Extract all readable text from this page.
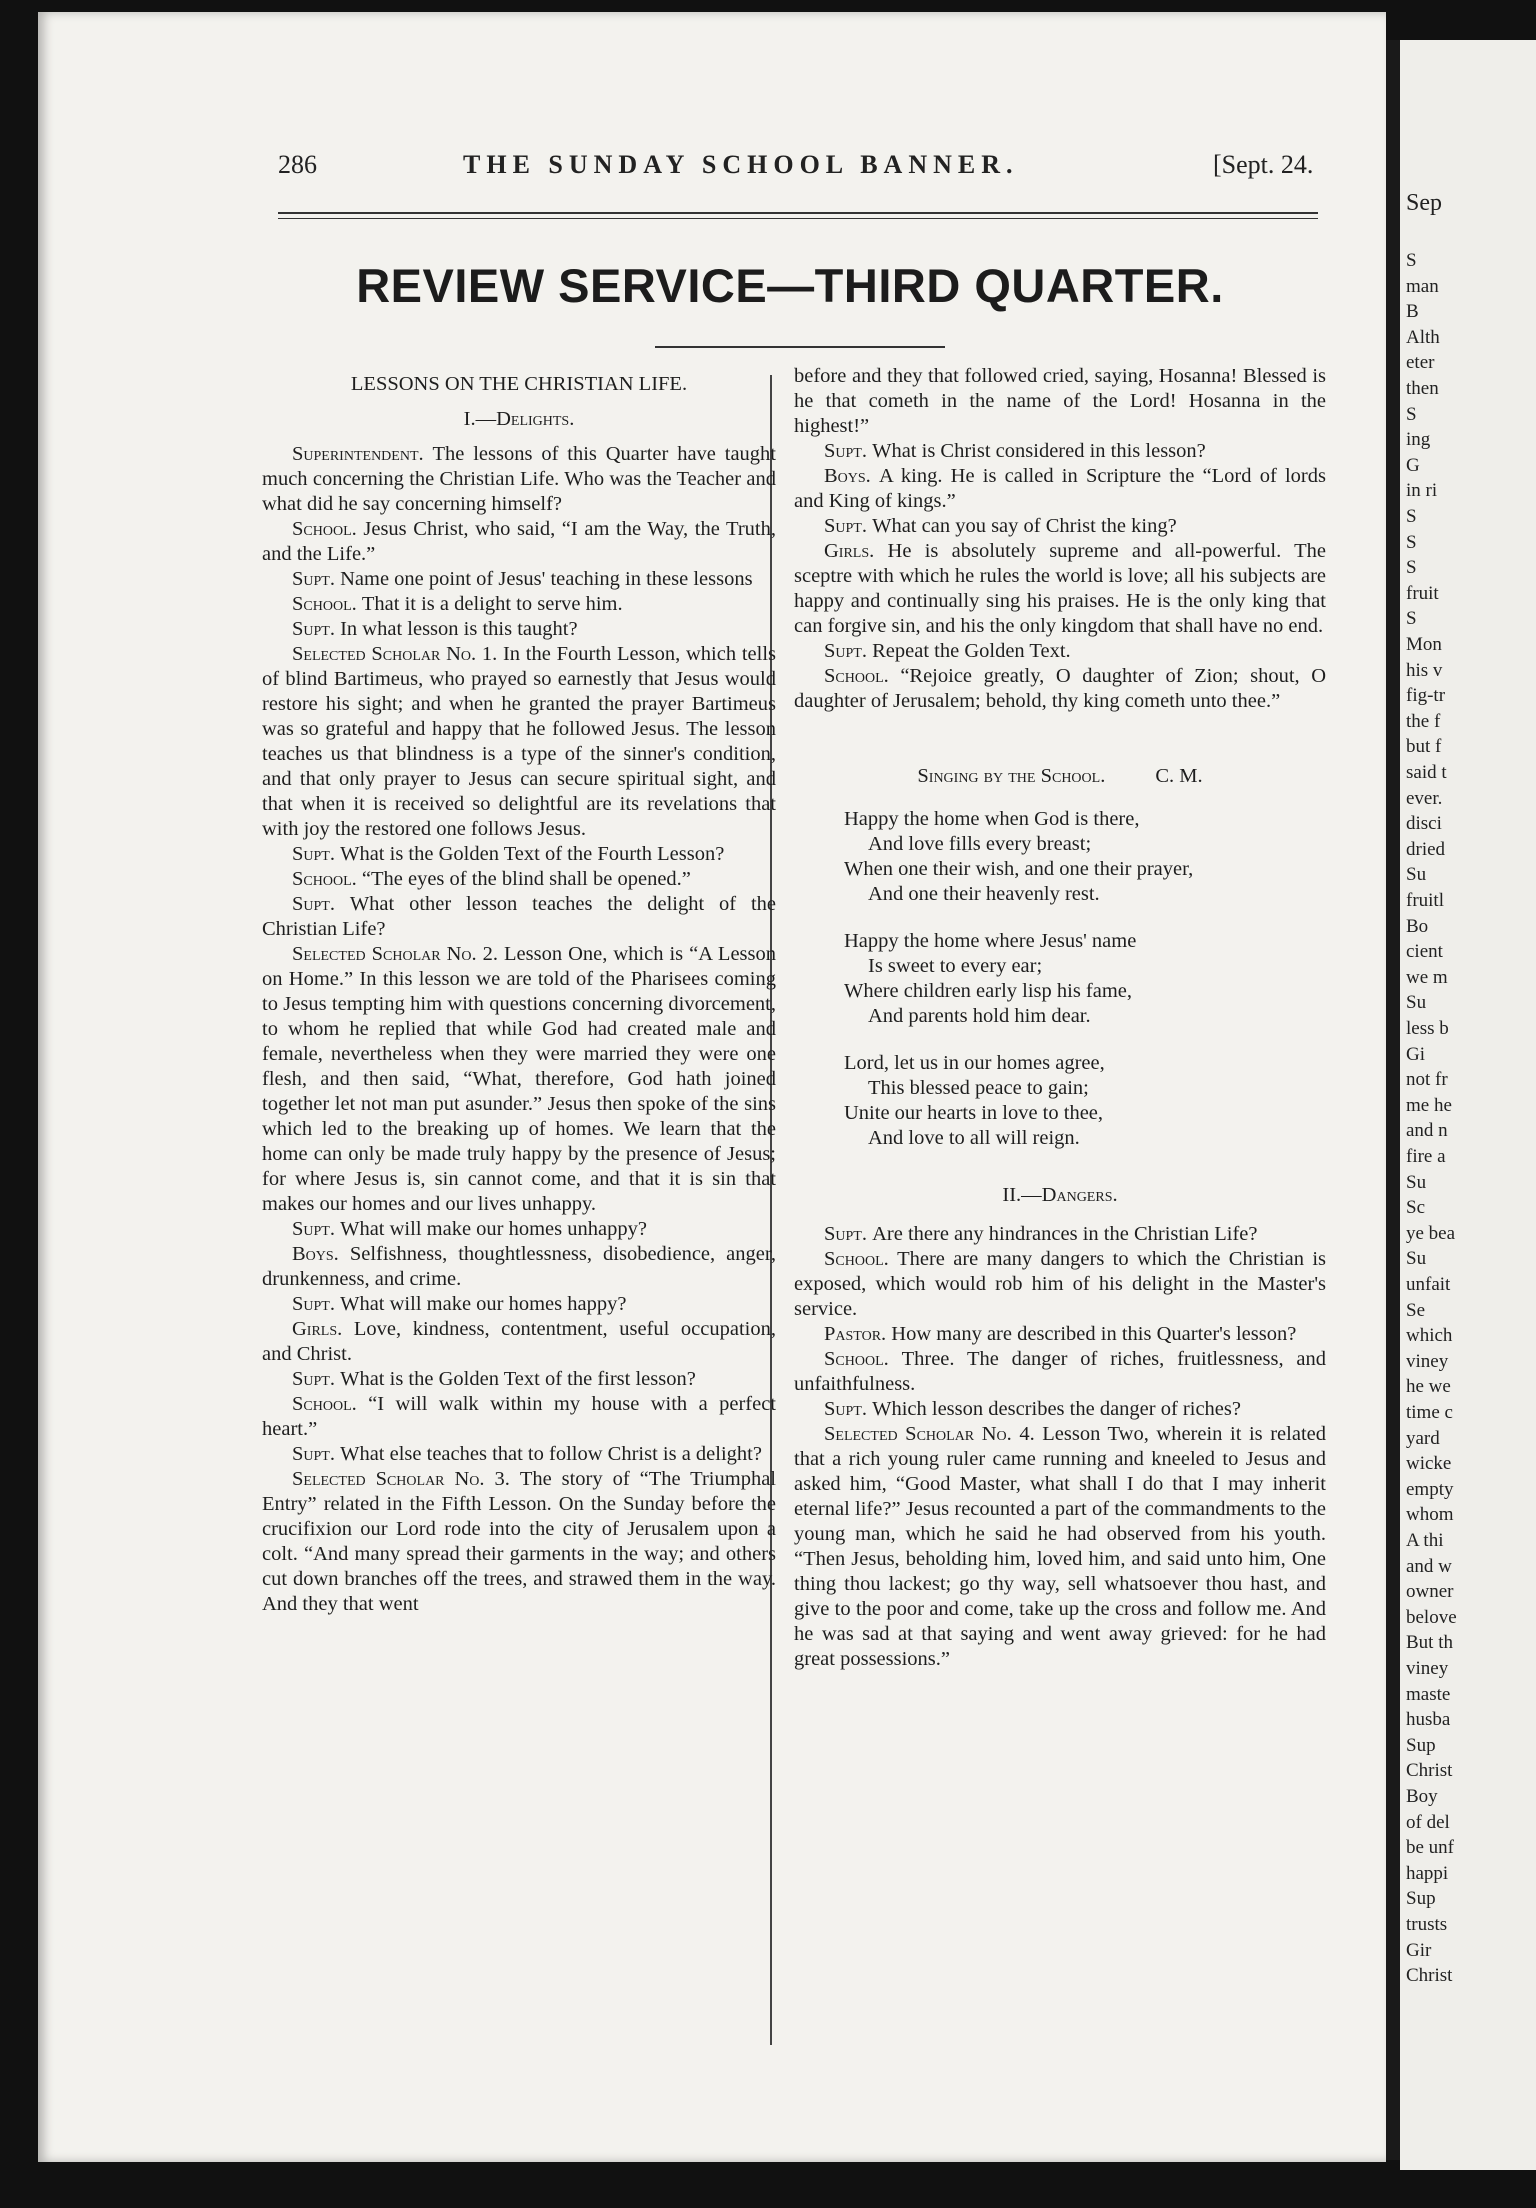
Sep
S
man
B
Alth
eter
then
S
ing
G
in ri
S
S
S
fruit
S
Mon
his v
fig-tr
the f
but f
said t
ever.
disci
dried
Su
fruitl
Bo
cient
we m
Su
less b
Gi
not fr
me he
and n
fire a
Su
Sc
ye bea
Su
unfait
Se
which
viney
he we
time c
yard
wicke
empty
whom
A thi
and w
owner
belove
But th
viney
maste
husba
Sup
Christ
Boy
of del
be unf
happi
Sup
trusts
Gir
Christ
286	THE SUNDAY SCHOOL BANNER.	[Sept. 24.
REVIEW SERVICE—THIRD QUARTER.
LESSONS ON THE CHRISTIAN LIFE.
I.—Delights.

Superintendent. The lessons of this Quarter have taught much concerning the Christian Life. Who was the Teacher and what did he say concerning himself?

School. Jesus Christ, who said, “I am the Way, the Truth, and the Life.”

Supt. Name one point of Jesus' teaching in these lessons

School. That it is a delight to serve him.

Supt. In what lesson is this taught?

Selected Scholar No. 1. In the Fourth Lesson, which tells of blind Bartimeus, who prayed so earnestly that Jesus would restore his sight; and when he granted the prayer Bartimeus was so grateful and happy that he followed Jesus. The lesson teaches us that blindness is a type of the sinner's condition, and that only prayer to Jesus can secure spiritual sight, and that when it is received so delightful are its revelations that with joy the restored one follows Jesus.

Supt. What is the Golden Text of the Fourth Lesson?

School. “The eyes of the blind shall be opened.”

Supt. What other lesson teaches the delight of the Christian Life?

Selected Scholar No. 2. Lesson One, which is “A Lesson on Home.” In this lesson we are told of the Pharisees coming to Jesus tempting him with questions concerning divorcement, to whom he replied that while God had created male and female, nevertheless when they were married they were one flesh, and then said, “What, therefore, God hath joined together let not man put asunder.” Jesus then spoke of the sins which led to the breaking up of homes. We learn that the home can only be made truly happy by the presence of Jesus; for where Jesus is, sin cannot come, and that it is sin that makes our homes and our lives unhappy.

Supt. What will make our homes unhappy?

Boys. Selfishness, thoughtlessness, disobedience, anger, drunkenness, and crime.

Supt. What will make our homes happy?

Girls. Love, kindness, contentment, useful occupation, and Christ.

Supt. What is the Golden Text of the first lesson?

School. “I will walk within my house with a perfect heart.”

Supt. What else teaches that to follow Christ is a delight?

Selected Scholar No. 3. The story of “The Triumphal Entry” related in the Fifth Lesson. On the Sunday before the crucifixion our Lord rode into the city of Jerusalem upon a colt. “And many spread their garments in the way; and others cut down branches off the trees, and strawed them in the way. And they that went

before and they that followed cried, saying, Hosanna! Blessed is he that cometh in the name of the Lord! Hosanna in the highest!”

Supt. What is Christ considered in this lesson?

Boys. A king. He is called in Scripture the “Lord of lords and King of kings.”

Supt. What can you say of Christ the king?

Girls. He is absolutely supreme and all-powerful. The sceptre with which he rules the world is love; all his subjects are happy and continually sing his praises. He is the only king that can forgive sin, and his the only kingdom that shall have no end.

Supt. Repeat the Golden Text.

School. “Rejoice greatly, O daughter of Zion; shout, O daughter of Jerusalem; behold, thy king cometh unto thee.”

Singing by the School. C. M.
Happy the home when God is there,
And love fills every breast;
When one their wish, and one their prayer,
And one their heavenly rest.
Happy the home where Jesus' name
Is sweet to every ear;
Where children early lisp his fame,
And parents hold him dear.
Lord, let us in our homes agree,
This blessed peace to gain;
Unite our hearts in love to thee,
And love to all will reign.
II.—Dangers.

Supt. Are there any hindrances in the Christian Life?

School. There are many dangers to which the Christian is exposed, which would rob him of his delight in the Master's service.

Pastor. How many are described in this Quarter's lesson?

School. Three. The danger of riches, fruitlessness, and unfaithfulness.

Supt. Which lesson describes the danger of riches?

Selected Scholar No. 4. Lesson Two, wherein it is related that a rich young ruler came running and kneeled to Jesus and asked him, “Good Master, what shall I do that I may inherit eternal life?” Jesus recounted a part of the commandments to the young man, which he said he had observed from his youth. “Then Jesus, beholding him, loved him, and said unto him, One thing thou lackest; go thy way, sell whatsoever thou hast, and give to the poor and come, take up the cross and follow me. And he was sad at that saying and went away grieved: for he had great possessions.”
